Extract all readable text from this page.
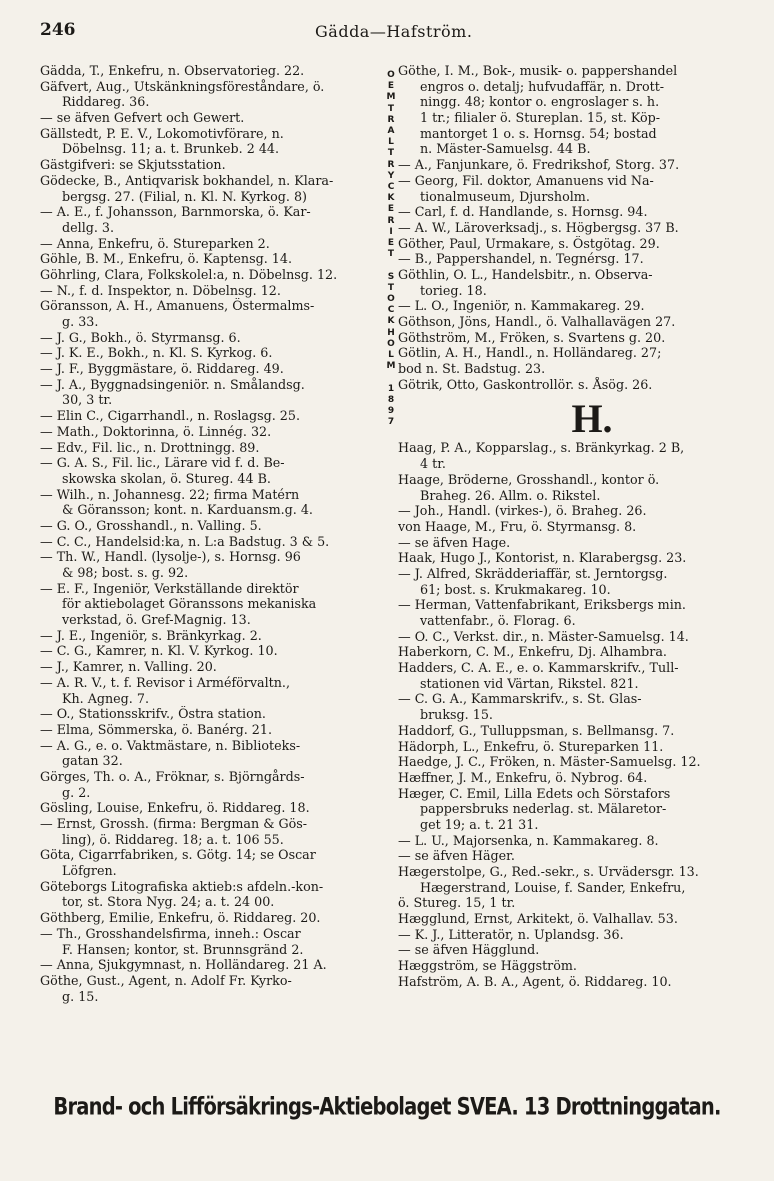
246	Gädda—Hafström.
Gädda, T., Enkefru, n. Observatorieg. 22.
Gäfvert, Aug., Utskänkningsföreståndare, ö.
Riddareg. 36.
— se äfven Gefvert och Gewert.
Gällstedt, P. E. V., Lokomotivförare, n.
Döbelnsg. 11; a. t. Brunkeb. 2 44.
Gästgifveri: se Skjutsstation.
Gödecke, B., Antiqvarisk bokhandel, n. Klara-
bergsg. 27. (Filial, n. Kl. N. Kyrkog. 8)
— A. E., f. Johansson, Barnmorska, ö. Kar-
dellg. 3.
— Anna, Enkefru, ö. Stureparken 2.
Göhle, B. M., Enkefru, ö. Kaptensg. 14.
Göhrling, Clara, Folkskolel:a, n. Döbelnsg. 12.
— N., f. d. Inspektor, n. Döbelnsg. 12.
Göransson, A. H., Amanuens, Östermalms-
g. 33.
— J. G., Bokh., ö. Styrmansg. 6.
— J. K. E., Bokh., n. Kl. S. Kyrkog. 6.
— J. F., Byggmästare, ö. Riddareg. 49.
— J. A., Byggnadsingeniör. n. Smålandsg.
30, 3 tr.
— Elin C., Cigarrhandl., n. Roslagsg. 25.
— Math., Doktorinna, ö. Linnég. 32.
— Edv., Fil. lic., n. Drottningg. 89.
— G. A. S., Fil. lic., Lärare vid f. d. Be-
skowska skolan, ö. Stureg. 44 B.
— Wilh., n. Johannesg. 22; firma Matérn
& Göransson; kont. n. Karduansm.g. 4.
— G. O., Grosshandl., n. Valling. 5.
— C. C., Handelsid:ka, n. L:a Badstug. 3 & 5.
— Th. W., Handl. (lysolje-), s. Hornsg. 96
& 98; bost. s. g. 92.
— E. F., Ingeniör, Verkställande direktör
för aktiebolaget Göranssons mekaniska
verkstad, ö. Gref-Magnig. 13.
— J. E., Ingeniör, s. Bränkyrkag. 2.
— C. G., Kamrer, n. Kl. V. Kyrkog. 10.
— J., Kamrer, n. Valling. 20.
— A. R. V., t. f. Revisor i Arméförvaltn.,
Kh. Agneg. 7.
— O., Stationsskrifv., Östra station.
— Elma, Sömmerska, ö. Banérg. 21.
— A. G., e. o. Vaktmästare, n. Biblioteks-
gatan 32.
Görges, Th. o. A., Fröknar, s. Björngårds-
g. 2.
Gösling, Louise, Enkefru, ö. Riddareg. 18.
— Ernst, Grossh. (firma: Bergman & Gös-
ling), ö. Riddareg. 18; a. t. 106 55.
Göta, Cigarrfabriken, s. Götg. 14; se Oscar
Löfgren.
Göteborgs Litografiska aktieb:s afdeln.-kon-
tor, st. Stora Nyg. 24; a. t. 24 00.
Göthberg, Emilie, Enkefru, ö. Riddareg. 20.
— Th., Grosshandelsfirma, inneh.: Oscar
F. Hansen; kontor, st. Brunnsgränd 2.
— Anna, Sjukgymnast, n. Holländareg. 21 A.
Göthe, Gust., Agent, n. Adolf Fr. Kyrko-
g. 15.
O
E
M
T
R
A
L
T
R
Y
C
K
E
R
I
E
T

S
T
O
C
K
H
O
L
M

1
8
9
7
Göthe, I. M., Bok-, musik- o. pappershandel
engros o. detalj; hufvudaffär, n. Drott-
ningg. 48; kontor o. engroslager s. h.
1 tr.; filialer ö. Stureplan. 15, st. Köp-
mantorget 1 o. s. Hornsg. 54; bostad
n. Mäster-Samuelsg. 44 B.
— A., Fanjunkare, ö. Fredrikshof, Storg. 37.
— Georg, Fil. doktor, Amanuens vid Na-
tionalmuseum, Djursholm.
— Carl, f. d. Handlande, s. Hornsg. 94.
— A. W., Läroverksadj., s. Högbergsg. 37 B.
Göther, Paul, Urmakare, s. Östgötag. 29.
— B., Pappershandel, n. Tegnérsg. 17.
Göthlin, O. L., Handelsbitr., n. Observa-
torieg. 18.
— L. O., Ingeniör, n. Kammakareg. 29.
Göthson, Jöns, Handl., ö. Valhallavägen 27.
Göthström, M., Fröken, s. Svartens g. 20.
Götlin, A. H., Handl., n. Holländareg. 27;
bod n. St. Badstug. 23.
Götrik, Otto, Gaskontrollör. s. Åsög. 26.
H.
Haag, P. A., Kopparslag., s. Bränkyrkag. 2 B,
4 tr.
Haage, Bröderne, Grosshandl., kontor ö.
Braheg. 26. Allm. o. Rikstel.
— Joh., Handl. (virkes-), ö. Braheg. 26.
von Haage, M., Fru, ö. Styrmansg. 8.
— se äfven Hage.
Haak, Hugo J., Kontorist, n. Klarabergsg. 23.
— J. Alfred, Skrädderiaffär, st. Jerntorgsg.
61; bost. s. Krukmakareg. 10.
— Herman, Vattenfabrikant, Eriksbergs min.
vattenfabr., ö. Florag. 6.
— O. C., Verkst. dir., n. Mäster-Samuelsg. 14.
Haberkorn, C. M., Enkefru, Dj. Alhambra.
Hadders, C. A. E., e. o. Kammarskrifv., Tull-
stationen vid Värtan, Rikstel. 821.
— C. G. A., Kammarskrifv., s. St. Glas-
bruksg. 15.
Haddorf, G., Tulluppsman, s. Bellmansg. 7.
Hädorph, L., Enkefru, ö. Stureparken 11.
Haedge, J. C., Fröken, n. Mäster-Samuelsg. 12.
Hæffner, J. M., Enkefru, ö. Nybrog. 64.
Hæger, C. Emil, Lilla Edets och Sörstafors
pappersbruks nederlag. st. Mälaretor-
get 19; a. t. 21 31.
— L. U., Majorsenka, n. Kammakareg. 8.
— se äfven Häger.
Hægerstolpe, G., Red.-sekr., s. Urvädersgr. 13.
Hægerstrand, Louise, f. Sander, Enkefru,
ö. Stureg. 15, 1 tr.
Hægglund, Ernst, Arkitekt, ö. Valhallav. 53.
— K. J., Litteratör, n. Uplandsg. 36.
— se äfven Hägglund.
Hæggström, se Häggström.
Hafström, A. B. A., Agent, ö. Riddareg. 10.
Brand- och Lifförsäkrings-Aktiebolaget SVEA. 13 Drottninggatan.
